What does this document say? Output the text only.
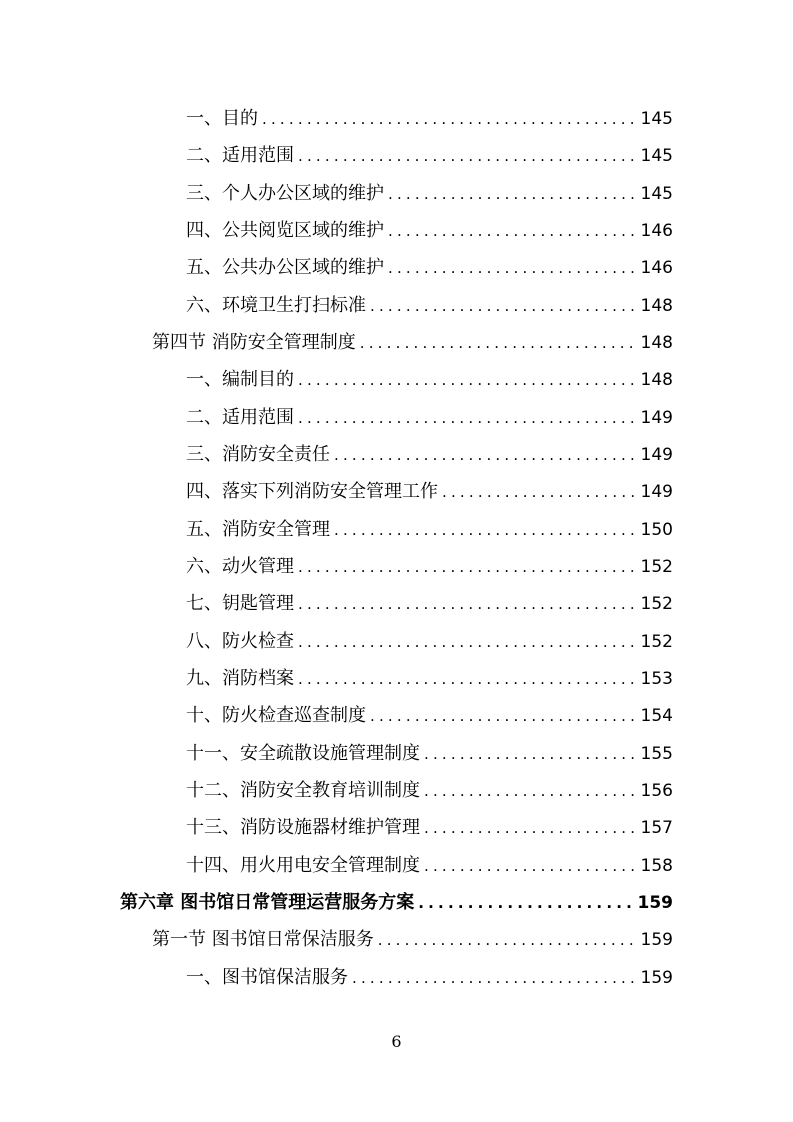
一、目的 .....	145
二、适用范围 .....	145
三、个人办公区域的维护 .....	145
四、公共阅览区域的维护 .....	146
五、公共办公区域的维护 .....	146
六、环境卫生打扫标准 .....	148
第四节 消防安全管理制度 .....	148
一、编制目的 .....	148
二、适用范围 .....	149
三、消防安全责任 .....	149
四、落实下列消防安全管理工作 .....	149
五、消防安全管理 .....	150
六、动火管理 .....	152
七、钥匙管理 .....	152
八、防火检查 .....	152
九、消防档案 .....	153
十、防火检查巡查制度 .....	154
十一、安全疏散设施管理制度 .....	155
十二、消防安全教育培训制度 .....	156
十三、消防设施器材维护管理 .....	157
十四、用火用电安全管理制度 .....	158
第六章 图书馆日常管理运营服务方案 .....	159
第一节 图书馆日常保洁服务 .....	159
一、图书馆保洁服务 .....	159
6
